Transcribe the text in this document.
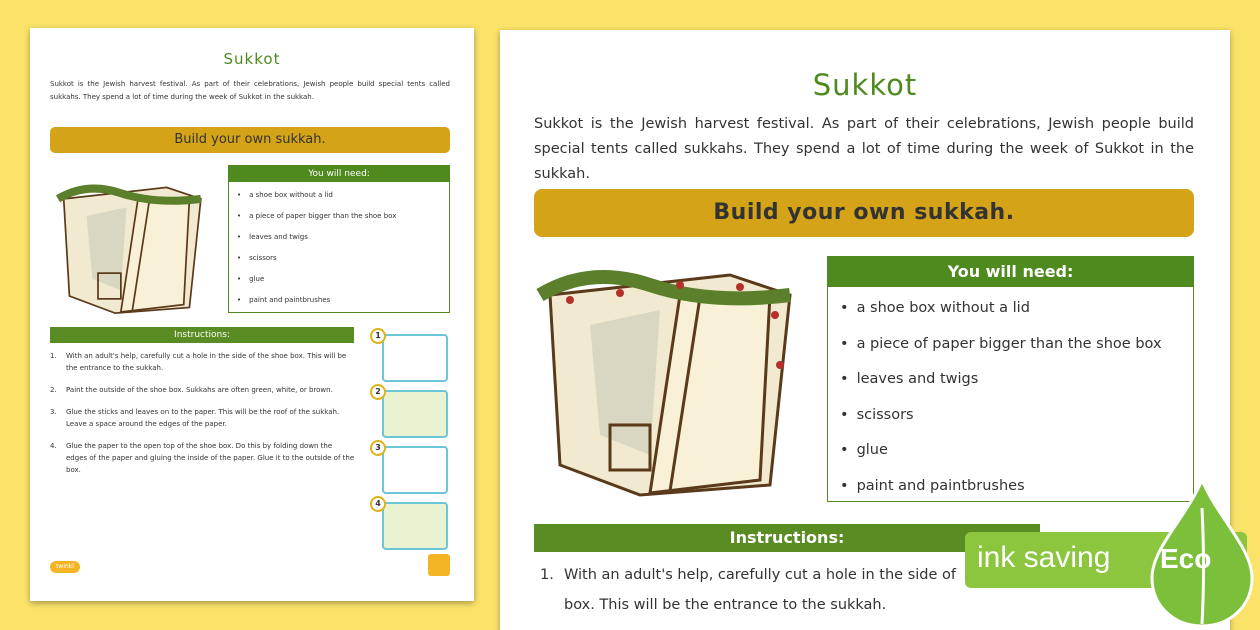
Sukkot
Sukkot is the Jewish harvest festival. As part of their celebrations, Jewish people build special tents called sukkahs. They spend a lot of time during the week of Sukkot in the sukkah.
Build your own sukkah.
You will need:
• a shoe box without a lid
• a piece of paper bigger than the shoe box
• leaves and twigs
• scissors
• glue
• paint and paintbrushes
Instructions:
1.	With an adult's help, carefully cut a hole in the side of the shoe box. This will be the entrance to the sukkah.
2.	Paint the outside of the shoe box. Sukkahs are often green, white, or brown.
3.	Glue the sticks and leaves on to the paper. This will be the roof of the sukkah. Leave a space around the edges of the paper.
4.	Glue the paper to the open top of the shoe box. Do this by folding down the edges of the paper and gluing the inside of the paper. Glue it to the outside of the box.
1
2
3
4
twinkl
Sukkot
Sukkot is the Jewish harvest festival. As part of their celebrations, Jewish people build special tents called sukkahs. They spend a lot of time during the week of Sukkot in the sukkah.
Build your own sukkah.
You will need:
• a shoe box without a lid
• a piece of paper bigger than the shoe box
• leaves and twigs
• scissors
• glue
• paint and paintbrushes
Instructions:
1. With an adult's help, carefully cut a hole in the side of
box. This will be the entrance to the sukkah.
ink saving Eco
